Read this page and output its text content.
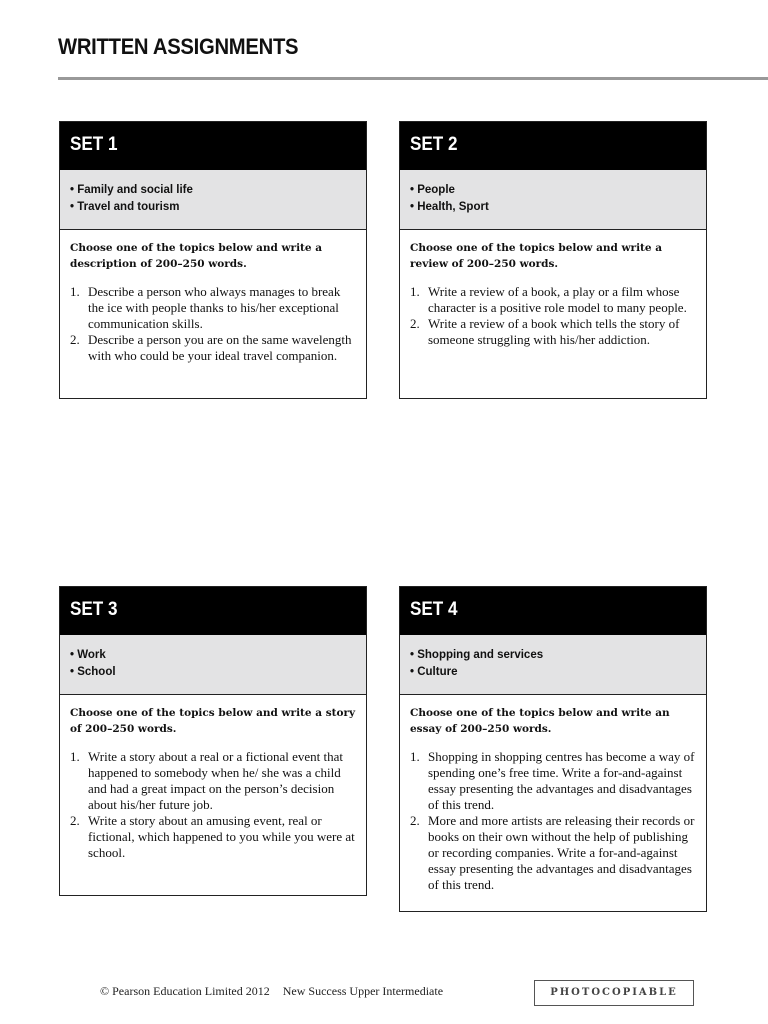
WRITTEN ASSIGNMENTS
SET 1
• Family and social life
• Travel and tourism

Choose one of the topics below and write a description of 200–250 words.

1. Describe a person who always manages to break the ice with people thanks to his/her exceptional communication skills.
2. Describe a person you are on the same wavelength with who could be your ideal travel companion.
SET 2
• People
• Health, Sport

Choose one of the topics below and write a review of 200–250 words.

1. Write a review of a book, a play or a film whose character is a positive role model to many people.
2. Write a review of a book which tells the story of someone struggling with his/her addiction.
SET 3
• Work
• School

Choose one of the topics below and write a story of 200–250 words.

1. Write a story about a real or a fictional event that happened to somebody when he/ she was a child and had a great impact on the person’s decision about his/her future job.
2. Write a story about an amusing event, real or fictional, which happened to you while you were at school.
SET 4
• Shopping and services
• Culture

Choose one of the topics below and write an essay of 200–250 words.

1. Shopping in shopping centres has become a way of spending one’s free time. Write a for-and-against essay presenting the advantages and disadvantages of this trend.
2. More and more artists are releasing their records or books on their own without the help of publishing or recording companies. Write a for-and-against essay presenting the advantages and disadvantages of this trend.
© Pearson Education Limited 2012 New Success Upper Intermediate	PHOTOCOPIABLE
